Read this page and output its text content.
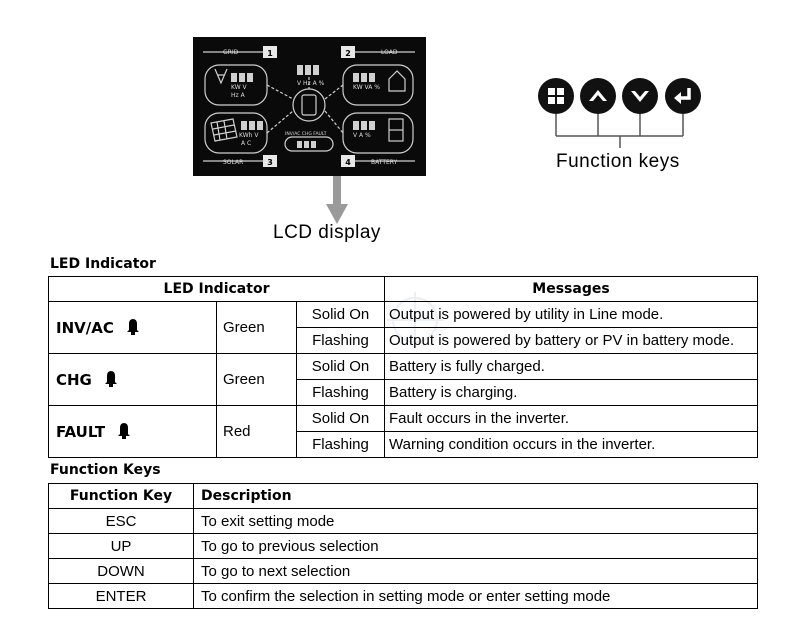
1	2
3	4
GRID	LOAD
SOLAR	BATTERY
KW V
Hz A
V Hz A %
KW VA %
KWh V
A C
V A %
INV/AC CHG FAULT
LCD display
Function keys
LED Indicator
LED Indicator			Messages
INV/AC	Green	Solid On	Output is powered by utility in Line mode.
		Flashing	Output is powered by battery or PV in battery mode.
CHG	Green	Solid On	Battery is fully charged.
		Flashing	Battery is charging.
FAULT	Red	Solid On	Fault occurs in the inverter.
		Flashing	Warning condition occurs in the inverter.
Function Keys
Function Key	Description
ESC	To exit setting mode
UP	To go to previous selection
DOWN	To go to next selection
ENTER	To confirm the selection in setting mode or enter setting mode
